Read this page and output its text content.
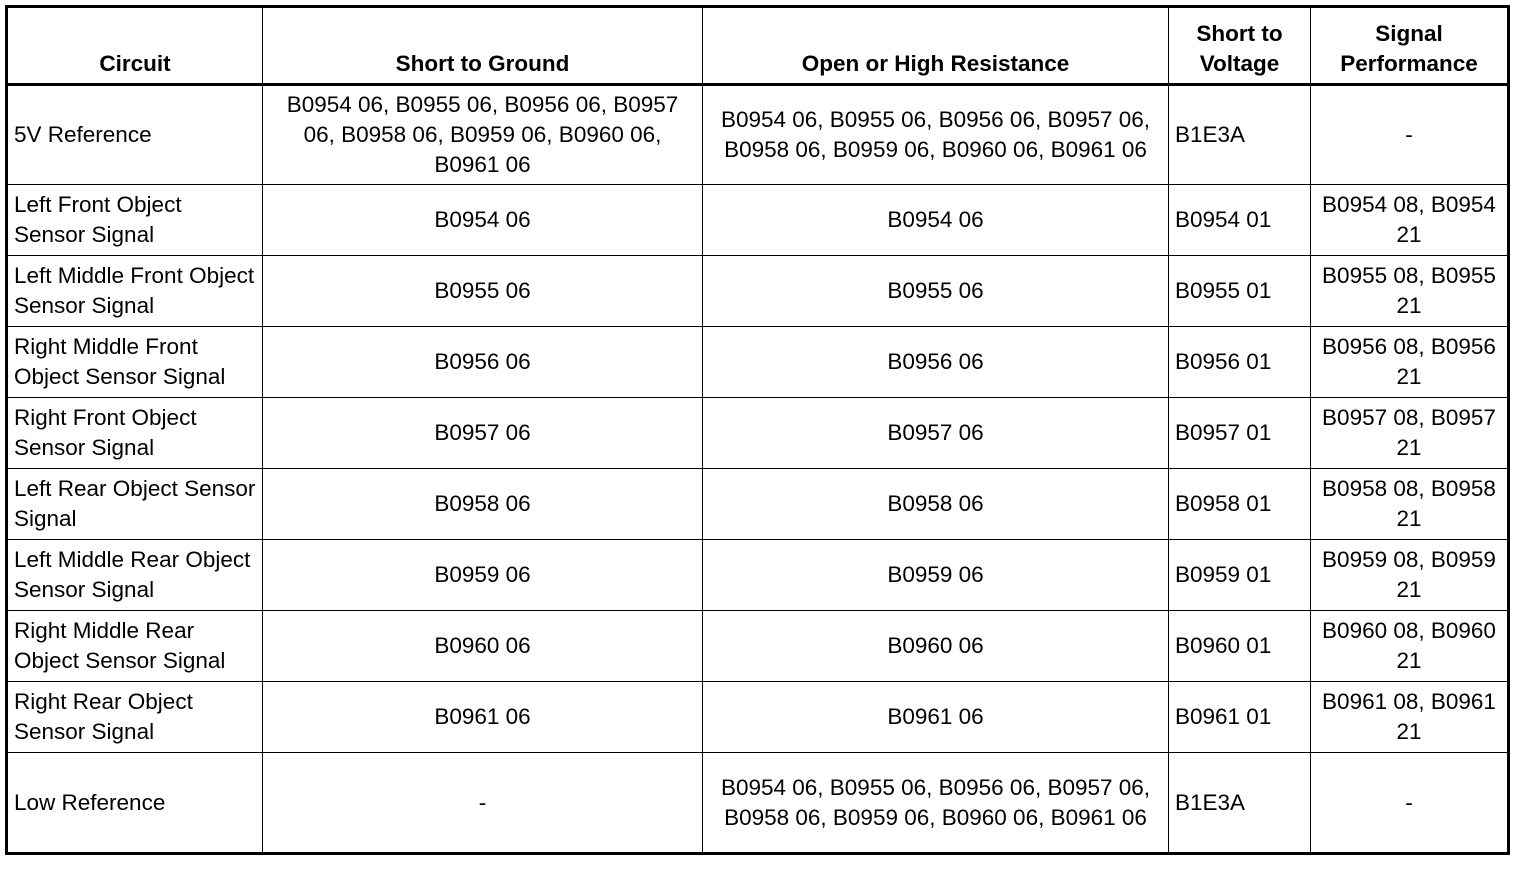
Circuit	Short to Ground	Open or High Resistance	Short to Voltage	Signal Performance
5V Reference	B0954 06, B0955 06, B0956 06, B0957 06, B0958 06, B0959 06, B0960 06, B0961 06	B0954 06, B0955 06, B0956 06, B0957 06, B0958 06, B0959 06, B0960 06, B0961 06	B1E3A	-
Left Front Object Sensor Signal	B0954 06	B0954 06	B0954 01	B0954 08, B0954 21
Left Middle Front Object Sensor Signal	B0955 06	B0955 06	B0955 01	B0955 08, B0955 21
Right Middle Front Object Sensor Signal	B0956 06	B0956 06	B0956 01	B0956 08, B0956 21
Right Front Object Sensor Signal	B0957 06	B0957 06	B0957 01	B0957 08, B0957 21
Left Rear Object Sensor Signal	B0958 06	B0958 06	B0958 01	B0958 08, B0958 21
Left Middle Rear Object Sensor Signal	B0959 06	B0959 06	B0959 01	B0959 08, B0959 21
Right Middle Rear Object Sensor Signal	B0960 06	B0960 06	B0960 01	B0960 08, B0960 21
Right Rear Object Sensor Signal	B0961 06	B0961 06	B0961 01	B0961 08, B0961 21
Low Reference	-	B0954 06, B0955 06, B0956 06, B0957 06, B0958 06, B0959 06, B0960 06, B0961 06	B1E3A	-
